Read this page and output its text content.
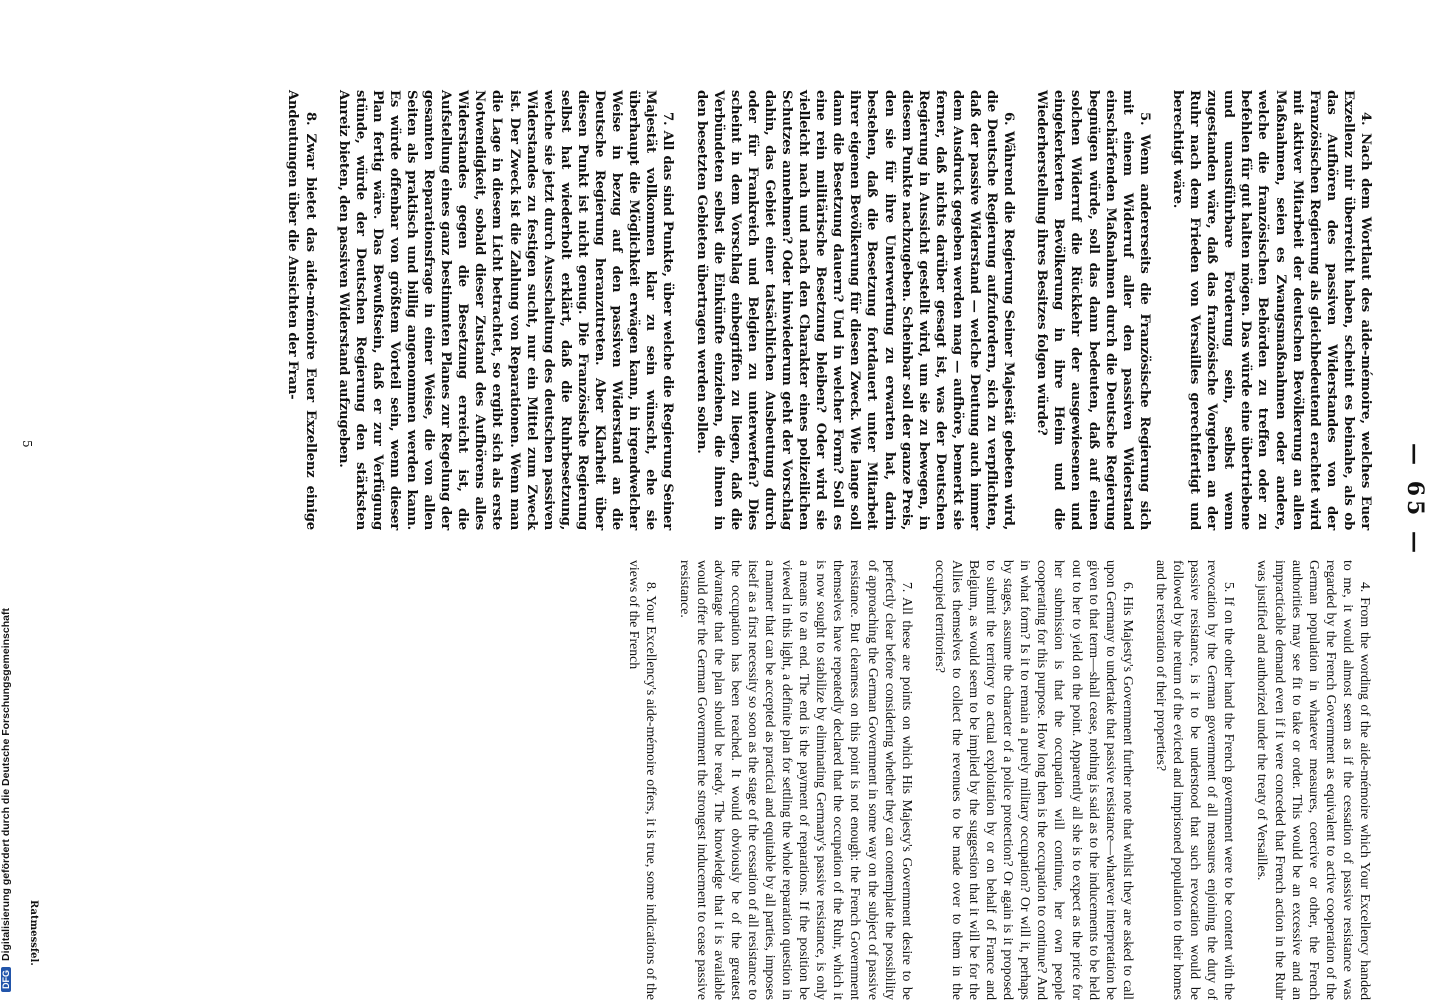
— 65 —

4. From the wording of the aide-mémoire which Your Excellency handed to me, it would almost seem as if the cessation of passive resistance was regarded by the French Government as equivalent to active cooperation of the German population in whatever measures, coercive or other, the French authorities may see fit to take or order. This would be an excessive and an impracticable demand even if it were conceded that French action in the Ruhr was justified and authorized under the treaty of Versailles.

5. If on the other hand the French government were to be content with the revocation by the German government of all measures enjoining the duty of passive resistance, is it to be understood that such revocation would be followed by the return of the evicted and imprisoned population to their homes and the restoration of their properties?

6. His Majesty's Government further note that whilst they are asked to call upon Germany to undertake that passive resistance—whatever interpretation be given to that term—shall cease, nothing is said as to the inducements to be held out to her to yield on the point. Apparently all she is to expect as the price for her submission is that the occupation will continue, her own people cooperating for this purpose. How long then is the occupation to continue? And in what form? Is it to remain a purely military occupation? Or will it, perhaps by stages, assume the character of a police protection? Or again is it proposed to submit the territory to actual exploitation by or on behalf of France and Belgium, as would seem to be implied by the suggestion that it will be for the Allies themselves to collect the revenues to be made over to them in the occupied territories?

7. All these are points on which His Majesty's Government desire to be perfectly clear before considering whether they can contemplate the possibility of approaching the German Government in some way on the subject of passive resistance. But clearness on this point is not enough: the French Government themselves have repeatedly declared that the occupation of the Ruhr, which it is now sought to stabilize by eliminating Germany's passive resistance, is only a means to an end. The end is the payment of reparations. If the position be viewed in this light, a definite plan for settling the whole reparation question in a manner that can be accepted as practical and equitable by all parties, imposes itself as a first necessity so soon as the stage of the cessation of all resistance to the occupation has been reached. It would obviously be of the greatest advantage that the plan should be ready. The knowledge that it is available would offer the German Government the strongest inducement to cease passive resistance.

8. Your Excellency's aide-mémoire offers, it is true, some indications of the views of the French

4. Nach dem Wortlaut des aide-mémoire, welches Euer Exzellenz mir überreicht haben, scheint es beinahe, als ob das Aufhören des passiven Widerstandes von der Französischen Regierung als gleichbedeutend erachtet wird mit aktiver Mitarbeit der deutschen Bevölkerung an allen Maßnahmen, seien es Zwangsmaßnahmen oder andere, welche die französischen Behörden zu treffen oder zu befehlen für gut halten mögen. Das würde eine übertriebene und unausführbare Forderung sein, selbst wenn zugestanden wäre, daß das französische Vorgehen an der Ruhr nach dem Frieden von Versailles gerechtfertigt und berechtigt wäre.

5. Wenn andererseits die Französische Regierung sich mit einem Widerruf aller den passiven Widerstand einschärfenden Maßnahmen durch die Deutsche Regierung begnügen würde, soll das dann bedeuten, daß auf einen solchen Widerruf die Rückkehr der ausgewiesenen und eingekerkerten Bevölkerung in ihre Heim und die Wiederherstellung ihres Besitzes folgen würde?

6. Während die Regierung Seiner Majestät gebeten wird, die Deutsche Regierung aufzufordern, sich zu verpflichten, daß der passive Widerstand — welche Deutung auch immer dem Ausdruck gegeben werden mag — aufhöre, bemerkt sie ferner, daß nichts darüber gesagt ist, was der Deutschen Regierung in Aussicht gestellt wird, um sie zu bewegen, in diesem Punkte nachzugeben. Scheinbar soll der ganze Preis, den sie für ihre Unterwerfung zu erwarten hat, darin bestehen, daß die Besetzung fortdauert unter Mitarbeit ihrer eigenen Bevölkerung für diesen Zweck. Wie lange soll dann die Besetzung dauern? Und in welcher Form? Soll es eine rein militärische Besetzung bleiben? Oder wird sie vielleicht nach und nach den Charakter eines polizeilichen Schutzes annehmen? Oder hinwiederum geht der Vorschlag dahin, das Gebiet einer tatsächlichen Ausbeutung durch oder für Frankreich und Belgien zu unterwerfen? Dies scheint in dem Vorschlag einbegriffen zu liegen, daß die Verbündeten selbst die Einkünfte einziehen, die ihnen in den besetzten Gebieten übertragen werden sollen.

7. All das sind Punkte, über welche die Regierung Seiner Majestät vollkommen klar zu sein wünscht, ehe sie überhaupt die Möglichkeit erwägen kann, in irgendwelcher Weise in bezug auf den passiven Widerstand an die Deutsche Regierung heranzutreten. Aber Klarheit über diesen Punkt ist nicht genug. Die Französische Regierung selbst hat wiederholt erklärt, daß die Ruhrbesetzung, welche sie jetzt durch Ausschaltung des deutschen passiven Widerstandes zu festigen sucht, nur ein Mittel zum Zweck ist. Der Zweck ist die Zahlung von Reparationen. Wenn man die Lage in diesem Licht betrachtet, so ergibt sich als erste Notwendigkeit, sobald dieser Zustand des Aufhörens alles Widerstandes gegen die Besetzung erreicht ist, die Aufstellung eines ganz bestimmten Planes zur Regelung der gesamten Reparationsfrage in einer Weise, die von allen Seiten als praktisch und billig angenommen werden kann. Es würde offenbar von größtem Vorteil sein, wenn dieser Plan fertig wäre. Das Bewußtsein, daß er zur Verfügung stünde, würde der Deutschen Regierung den stärksten Anreiz bieten, den passiven Widerstand aufzugeben.

8. Zwar bietet das aide-mémoire Euer Exzellenz einige Andeutungen über die Ansichten der Fran-

Ratmessfel.
5
DFGDigitalisierung gefördert durch die Deutsche Forschungsgemeinschaft
